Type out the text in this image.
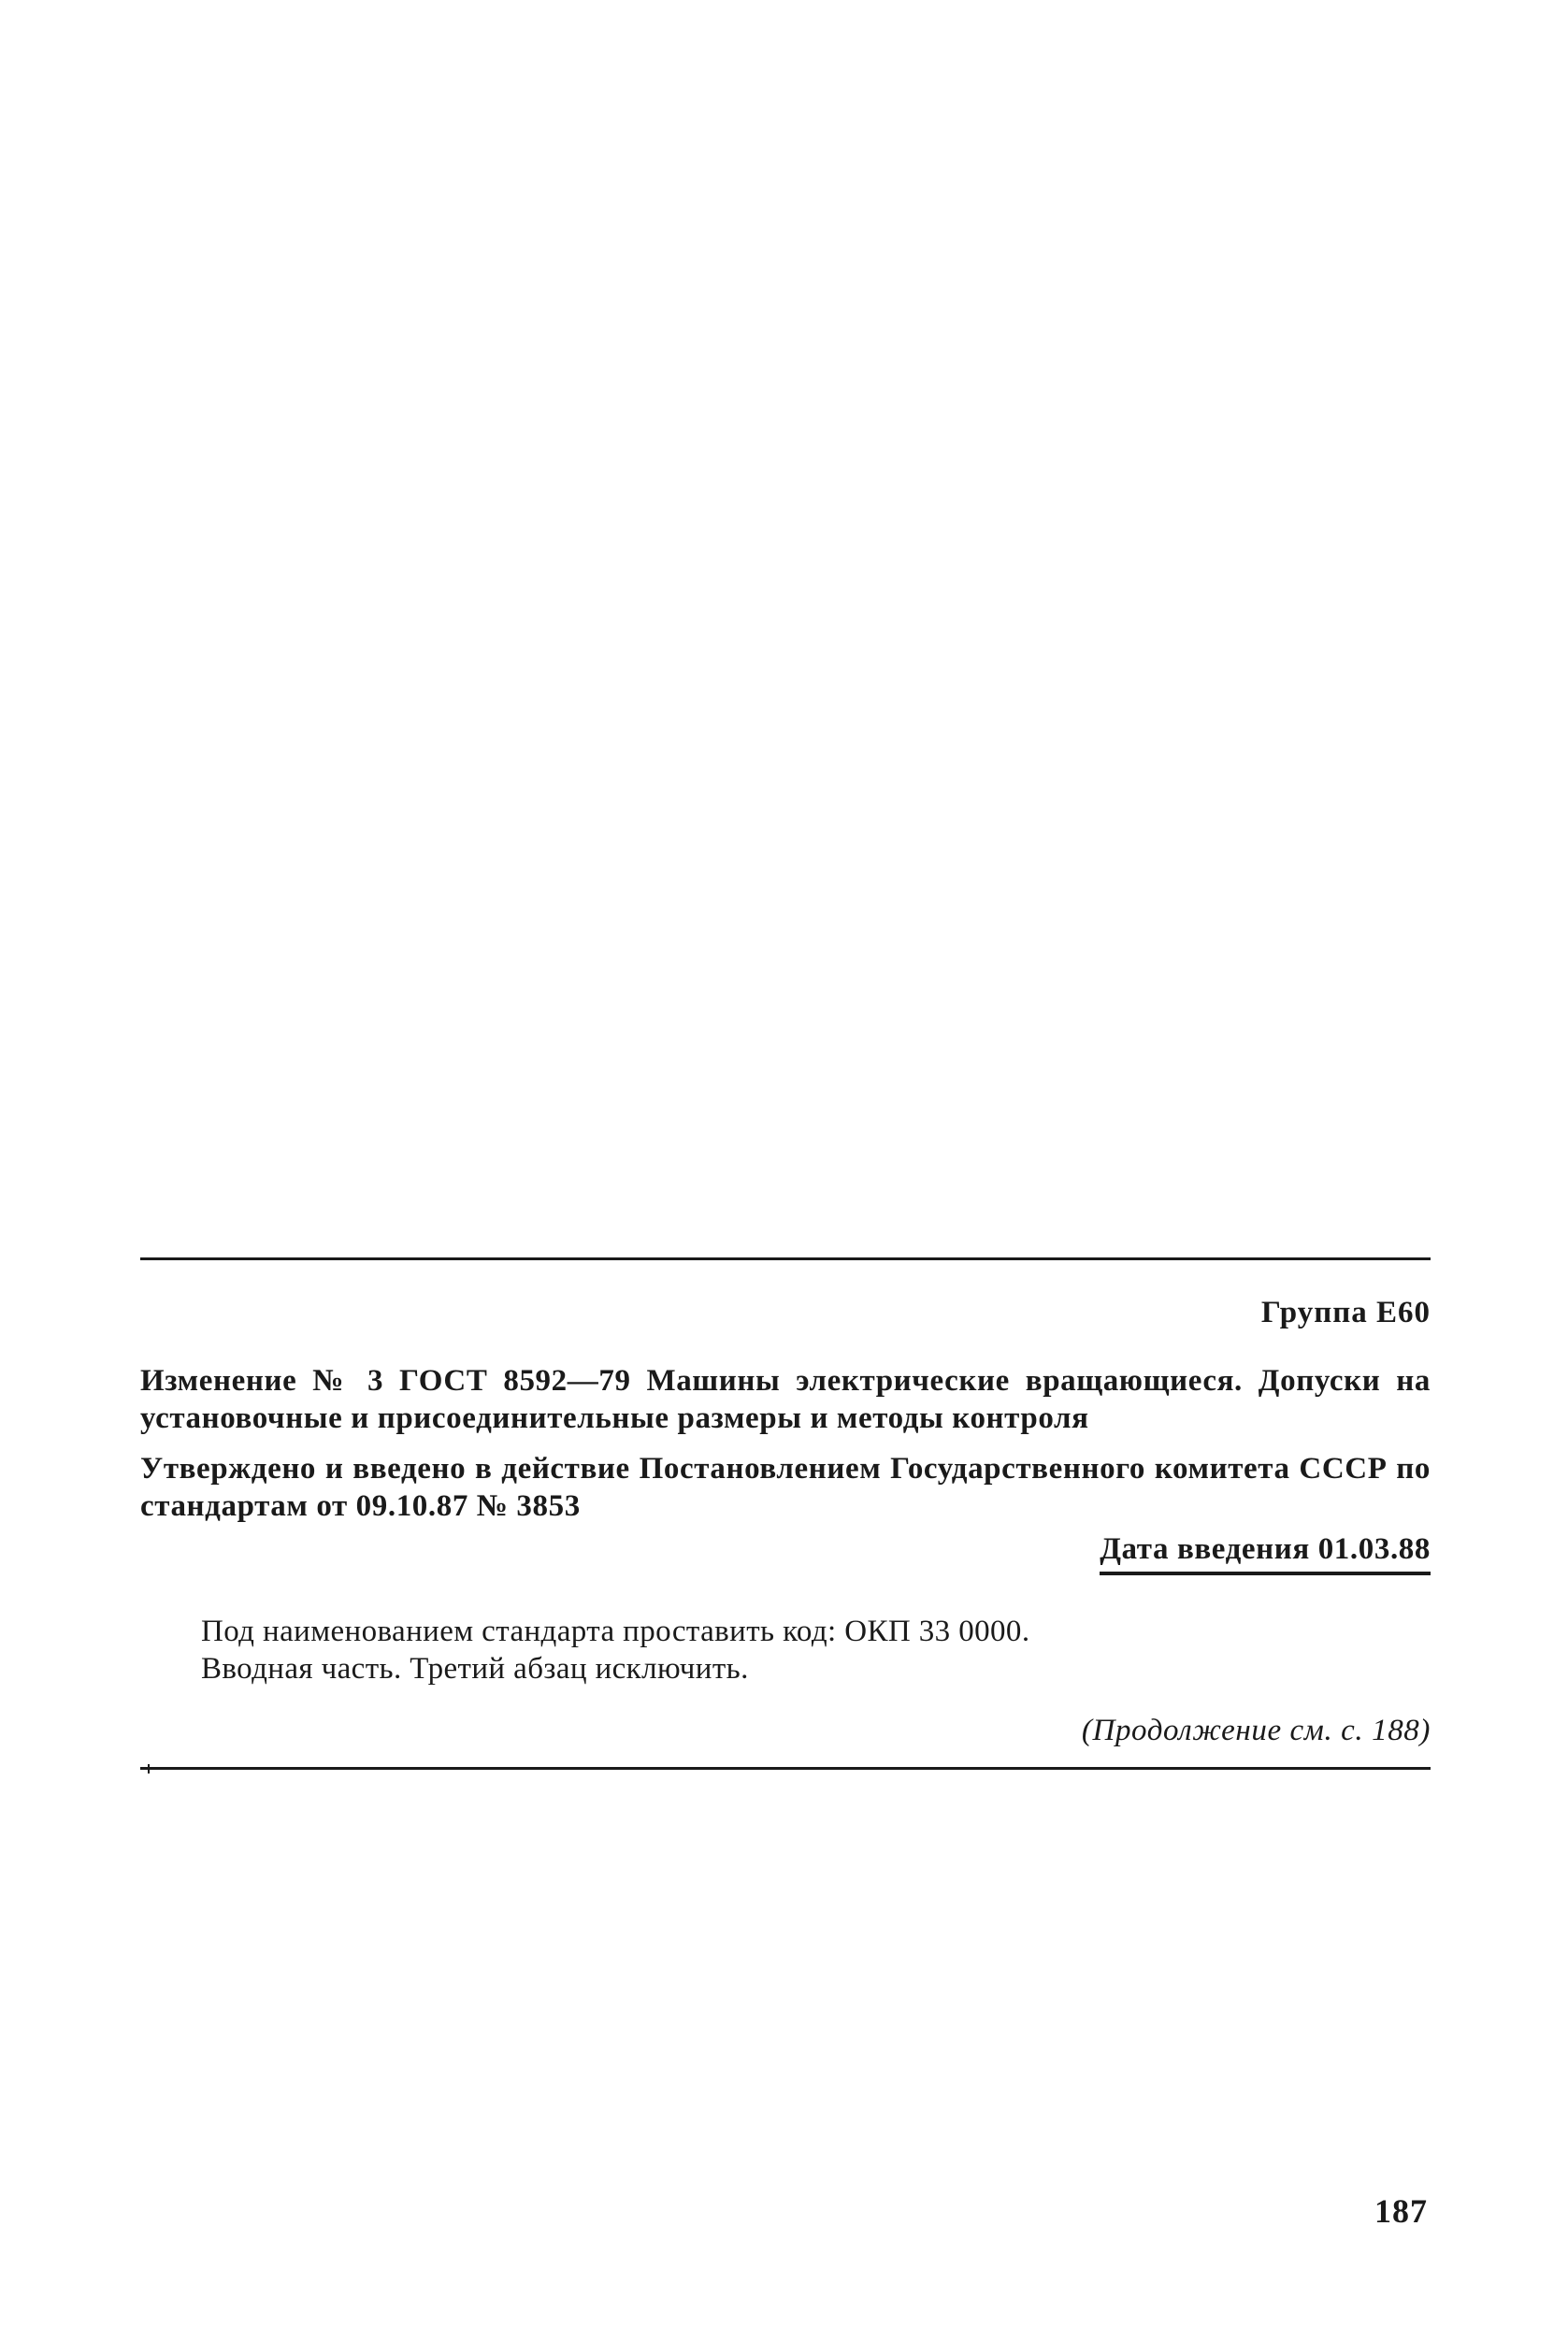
Группа Е60
Изменение № 3 ГОСТ 8592—79 Машины электрические вращающиеся. Допуски на установочные и присоединительные размеры и методы контроля
Утверждено и введено в действие Постановлением Государственного комитета СССР по стандартам от 09.10.87 № 3853
Дата введения 01.03.88
Под наименованием стандарта проставить код: ОКП 33 0000.
Вводная часть. Третий абзац исключить.
(Продолжение см. с. 188)
187
